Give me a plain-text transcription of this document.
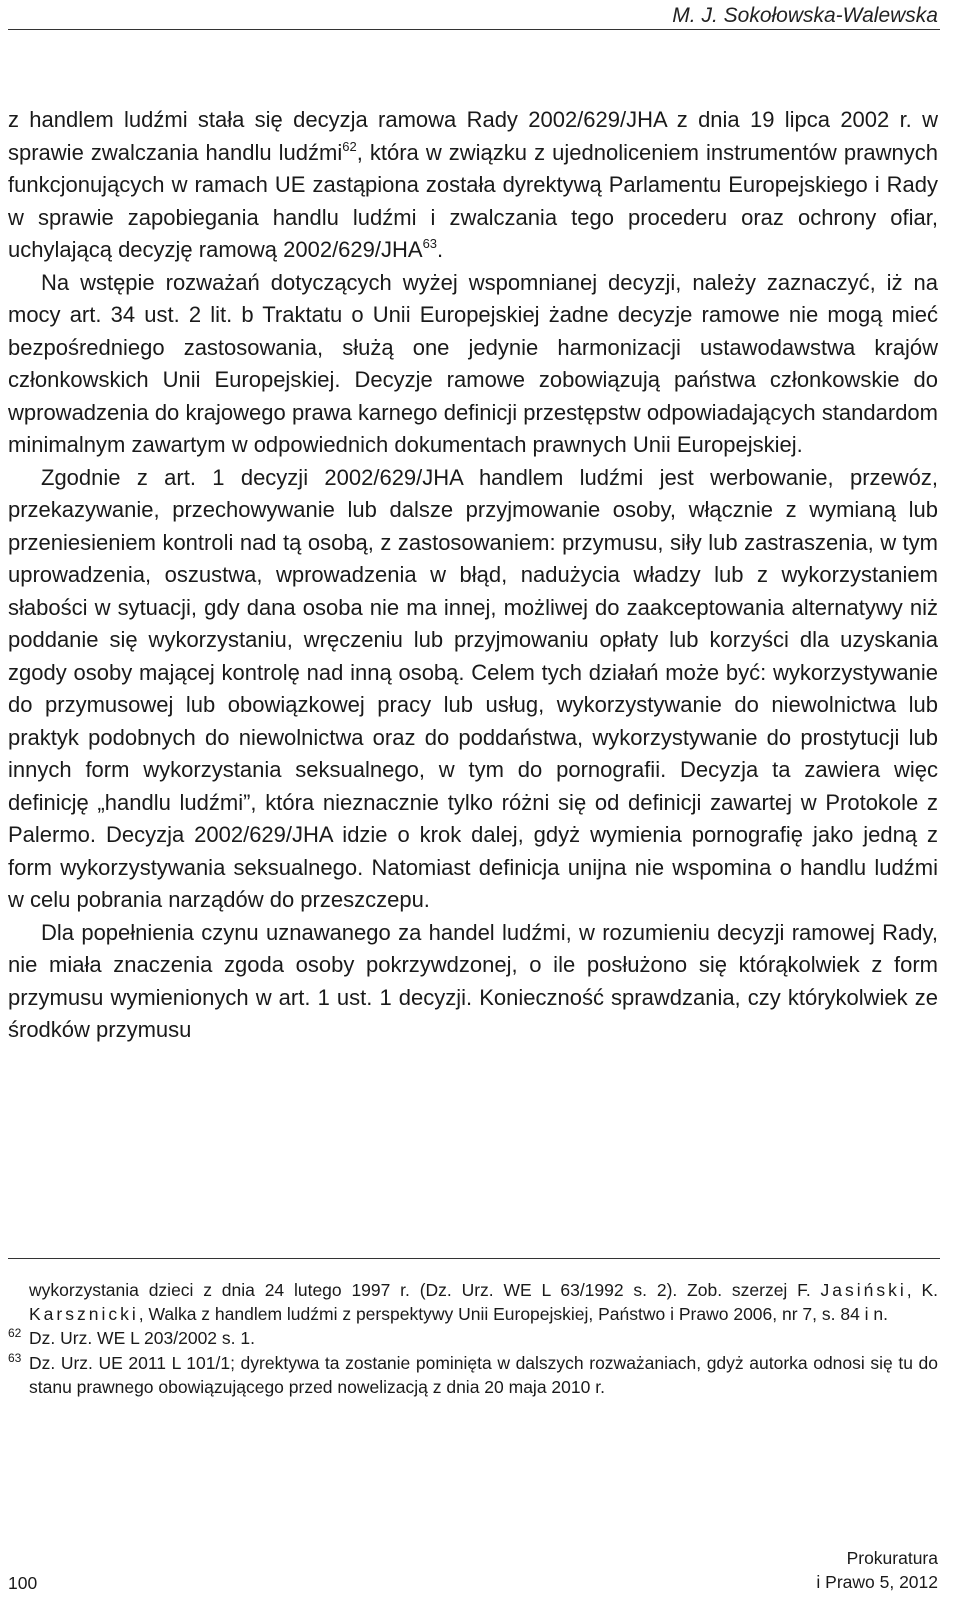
M. J. Sokołowska-Walewska

z handlem ludźmi stała się decyzja ramowa Rady 2002/629/JHA z dnia 19 lipca 2002 r. w sprawie zwalczania handlu ludźmi$^{62}$, która w związku z ujednoliceniem instrumentów prawnych funkcjonujących w ramach UE zastąpiona została dyrektywą Parlamentu Europejskiego i Rady w sprawie zapobiegania handlu ludźmi i zwalczania tego procederu oraz ochrony ofiar, uchylającą decyzję ramową 2002/629/JHA$^{63}$.

Na wstępie rozważań dotyczących wyżej wspomnianej decyzji, należy zaznaczyć, iż na mocy art. 34 ust. 2 lit. b Traktatu o Unii Europejskiej żadne decyzje ramowe nie mogą mieć bezpośredniego zastosowania, służą one jedynie harmonizacji ustawodawstwa krajów członkowskich Unii Europejskiej. Decyzje ramowe zobowiązują państwa członkowskie do wprowadzenia do krajowego prawa karnego definicji przestępstw odpowiadających standardom minimalnym zawartym w odpowiednich dokumentach prawnych Unii Europejskiej.

Zgodnie z art. 1 decyzji 2002/629/JHA handlem ludźmi jest werbowanie, przewóz, przekazywanie, przechowywanie lub dalsze przyjmowanie osoby, włącznie z wymianą lub przeniesieniem kontroli nad tą osobą, z zastosowaniem: przymusu, siły lub zastraszenia, w tym uprowadzenia, oszustwa, wprowadzenia w błąd, nadużycia władzy lub z wykorzystaniem słabości w sytuacji, gdy dana osoba nie ma innej, możliwej do zaakceptowania alternatywy niż poddanie się wykorzystaniu, wręczeniu lub przyjmowaniu opłaty lub korzyści dla uzyskania zgody osoby mającej kontrolę nad inną osobą. Celem tych działań może być: wykorzystywanie do przymusowej lub obowiązkowej pracy lub usług, wykorzystywanie do niewolnictwa lub praktyk podobnych do niewolnictwa oraz do poddaństwa, wykorzystywanie do prostytucji lub innych form wykorzystania seksualnego, w tym do pornografii. Decyzja ta zawiera więc definicję „handlu ludźmi”, która nieznacznie tylko różni się od definicji zawartej w Protokole z Palermo. Decyzja 2002/629/JHA idzie o krok dalej, gdyż wymienia pornografię jako jedną z form wykorzystywania seksualnego. Natomiast definicja unijna nie wspomina o handlu ludźmi w celu pobrania narządów do przeszczepu.

Dla popełnienia czynu uznawanego za handel ludźmi, w rozumieniu decyzji ramowej Rady, nie miała znaczenia zgoda osoby pokrzywdzonej, o ile posłużono się którąkolwiek z form przymusu wymienionych w art. 1 ust. 1 decyzji. Konieczność sprawdzania, czy którykolwiek ze środków przymusu

wykorzystania dzieci z dnia 24 lutego 1997 r. (Dz. Urz. WE L 63/1992 s. 2). Zob. szerzej F. Jasiński, K. Karsznicki, Walka z handlem ludźmi z perspektywy Unii Europejskiej, Państwo i Prawo 2006, nr 7, s. 84 i n.
62 Dz. Urz. WE L 203/2002 s. 1.
63 Dz. Urz. UE 2011 L 101/1; dyrektywa ta zostanie pominięta w dalszych rozważaniach, gdyż autorka odnosi się tu do stanu prawnego obowiązującego przed nowelizacją z dnia 20 maja 2010 r.
100
Prokuratura
i Prawo 5, 2012
